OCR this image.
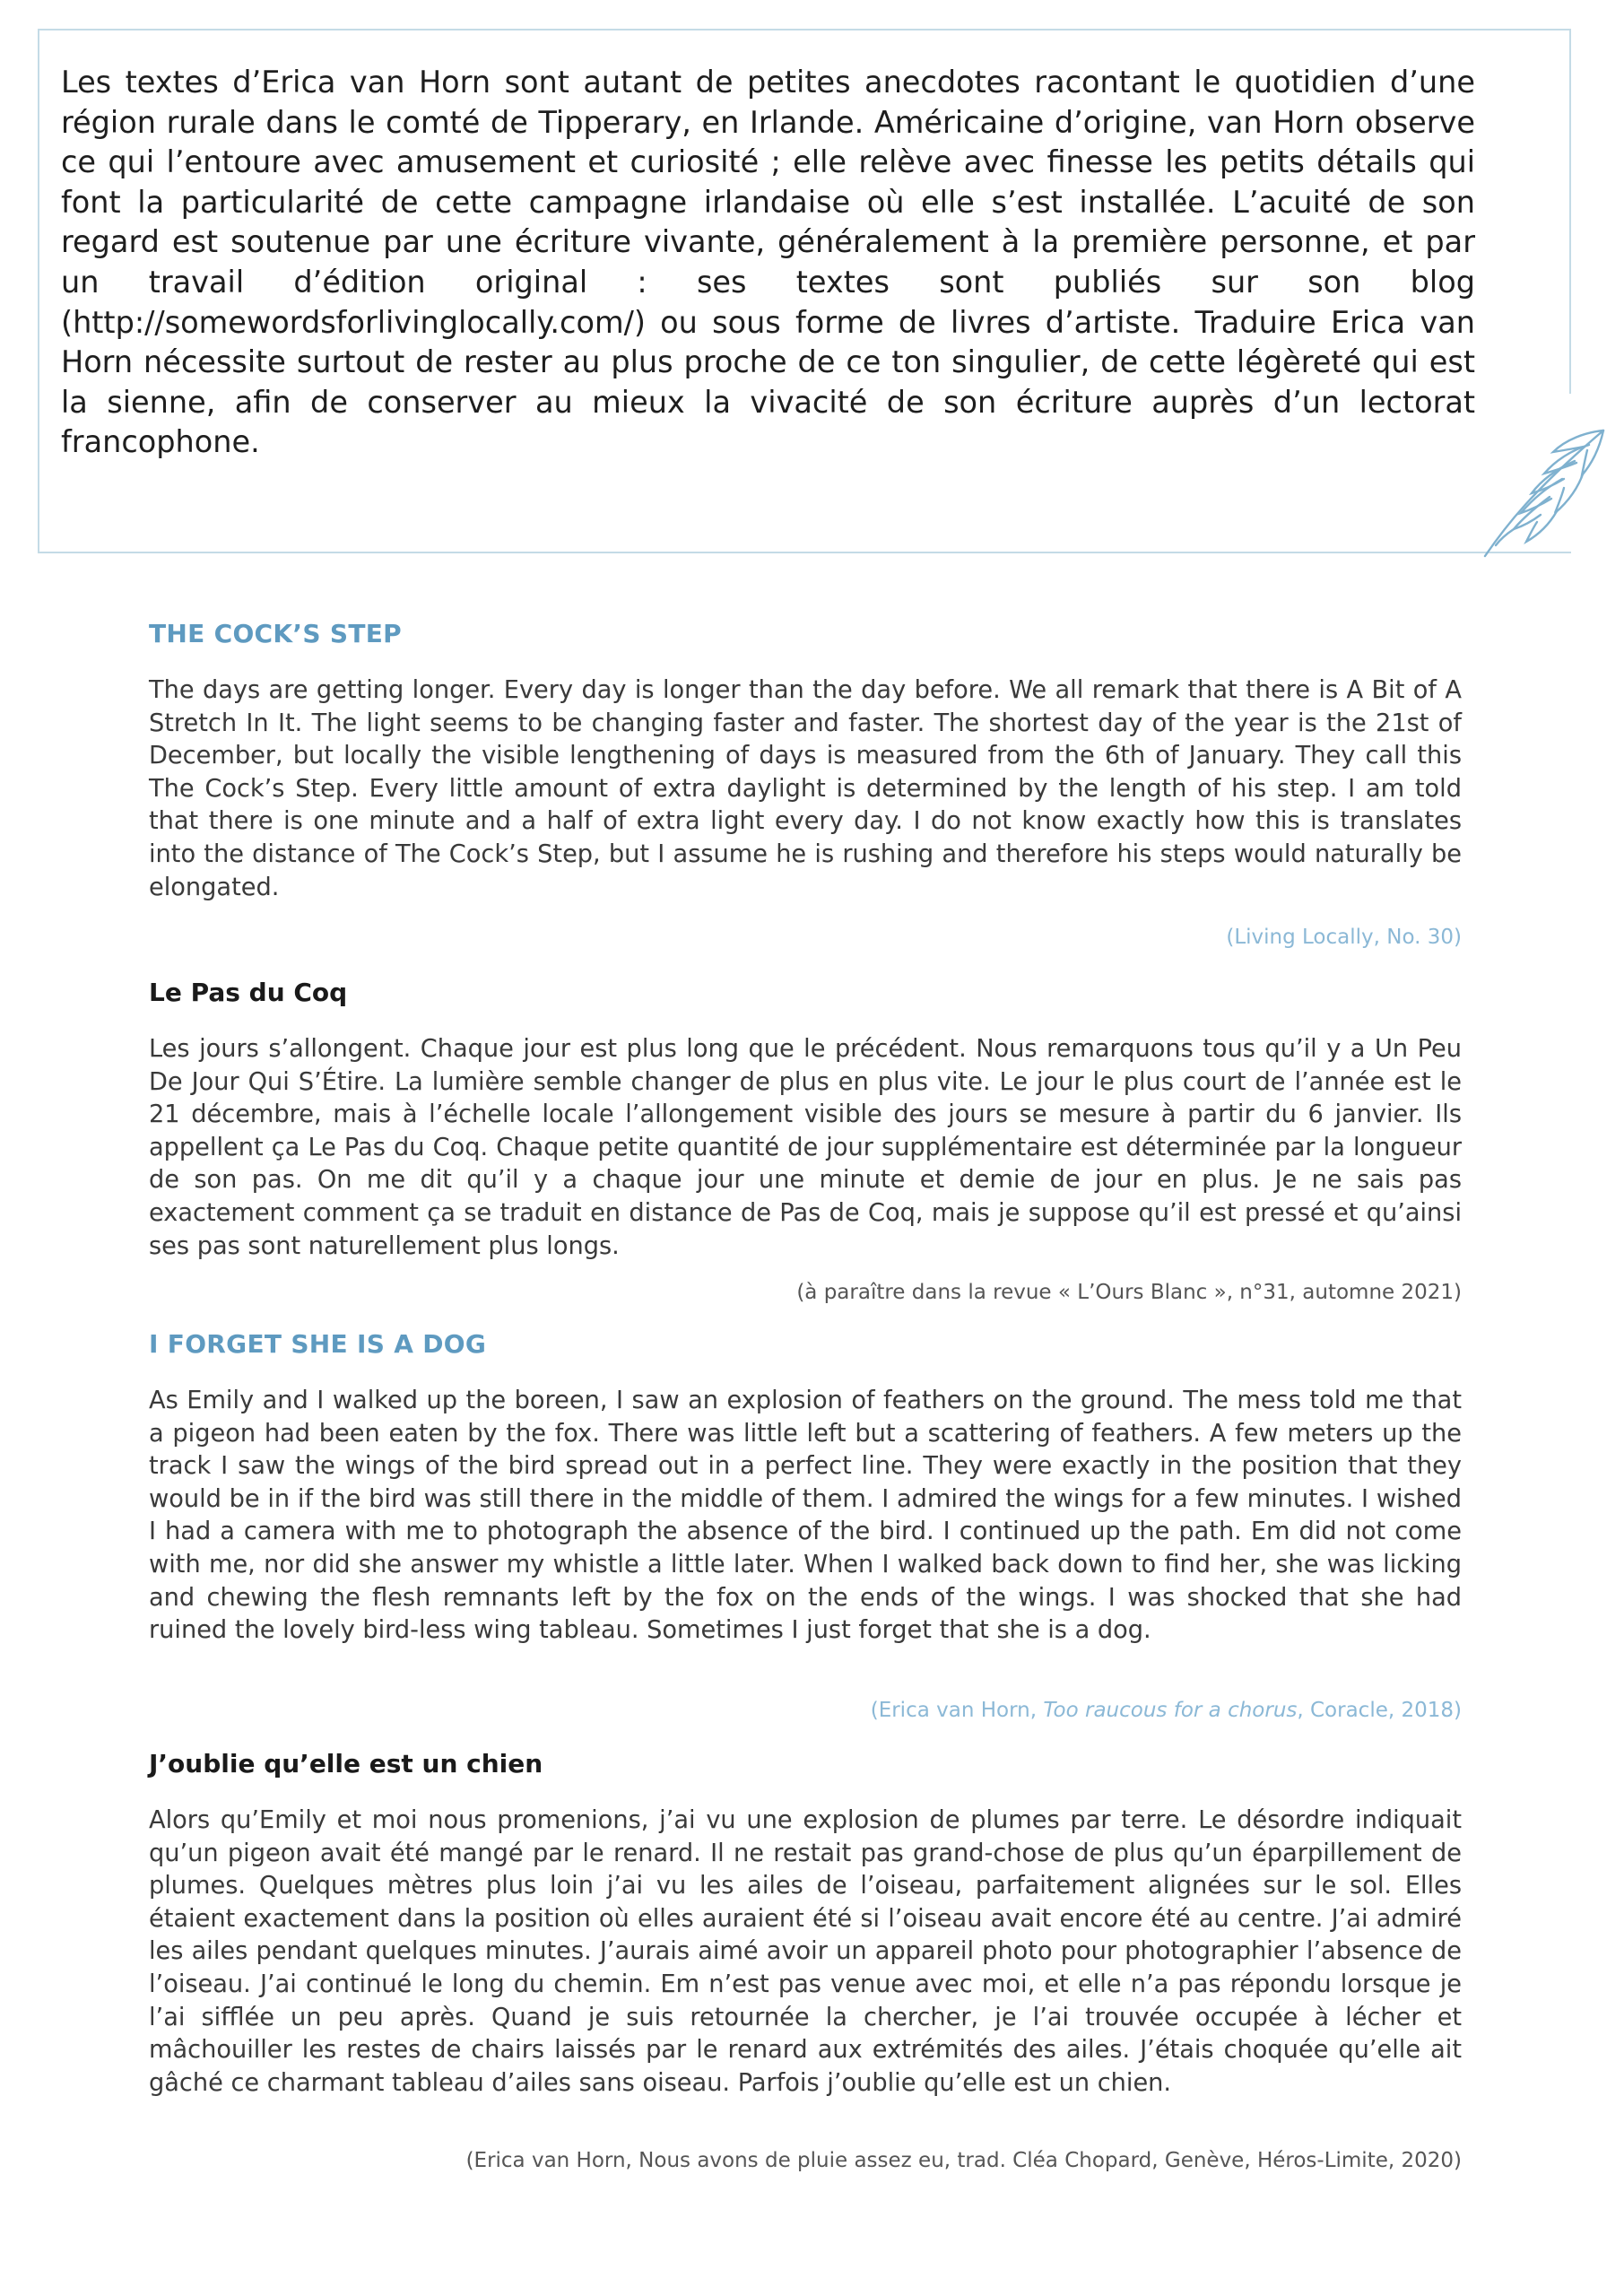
Les textes d’Erica van Horn sont autant de petites anecdotes racontant le quotidien d’une région rurale dans le comté de Tipperary, en Irlande. Américaine d’origine, van Horn observe ce qui l’entoure avec amusement et curiosité ; elle relève avec finesse les petits détails qui font la particularité de cette campagne irlandaise où elle s’est installée. L’acuité de son regard est soutenue par une écriture vivante, généralement à la première personne, et par un travail d’édition original : ses textes sont publiés sur son blog (http://somewordsforlivinglocally.com/) ou sous forme de livres d’artiste. Traduire Erica van Horn nécessite surtout de rester au plus proche de ce ton singulier, de cette légèreté qui est la sienne, afin de conserver au mieux la vivacité de son écriture auprès d’un lectorat francophone.

THE COCK’S STEP

The days are getting longer. Every day is longer than the day before. We all remark that there is A Bit of A Stretch In It. The light seems to be changing faster and faster. The shortest day of the year is the 21st of December, but locally the visible lengthening of days is measured from the 6th of January. They call this The Cock’s Step. Every little amount of extra daylight is determined by the length of his step. I am told that there is one minute and a half of extra light every day. I do not know exactly how this is translates into the distance of The Cock’s Step, but I assume he is rushing and therefore his steps would naturally be elongated.

(Living Locally, No. 30)

Le Pas du Coq

Les jours s’allongent. Chaque jour est plus long que le précédent. Nous remarquons tous qu’il y a Un Peu De Jour Qui S’Étire. La lumière semble changer de plus en plus vite. Le jour le plus court de l’année est le 21 décembre, mais à l’échelle locale l’allongement visible des jours se mesure à partir du 6 janvier. Ils appellent ça Le Pas du Coq. Chaque petite quantité de jour supplémentaire est déterminée par la longueur de son pas. On me dit qu’il y a chaque jour une minute et demie de jour en plus. Je ne sais pas exactement comment ça se traduit en distance de Pas de Coq, mais je suppose qu’il est pressé et qu’ainsi ses pas sont naturellement plus longs.

(à paraître dans la revue « L’Ours Blanc », n°31, automne 2021)

I FORGET SHE IS A DOG

As Emily and I walked up the boreen, I saw an explosion of feathers on the ground. The mess told me that a pigeon had been eaten by the fox. There was little left but a scattering of feathers. A few meters up the track I saw the wings of the bird spread out in a perfect line. They were exactly in the position that they would be in if the bird was still there in the middle of them. I admired the wings for a few minutes. I wished I had a camera with me to photograph the absence of the bird. I continued up the path. Em did not come with me, nor did she answer my whistle a little later. When I walked back down to find her, she was licking and chewing the flesh remnants left by the fox on the ends of the wings. I was shocked that she had ruined the lovely bird-less wing tableau. Sometimes I just forget that she is a dog.

(Erica van Horn, Too raucous for a chorus, Coracle, 2018)

J’oublie qu’elle est un chien

Alors qu’Emily et moi nous promenions, j’ai vu une explosion de plumes par terre. Le désordre indiquait qu’un pigeon avait été mangé par le renard. Il ne restait pas grand-chose de plus qu’un éparpillement de plumes. Quelques mètres plus loin j’ai vu les ailes de l’oiseau, parfaitement alignées sur le sol. Elles étaient exactement dans la position où elles auraient été si l’oiseau avait encore été au centre. J’ai admiré les ailes pendant quelques minutes. J’aurais aimé avoir un appareil photo pour photographier l’absence de l’oiseau. J’ai continué le long du chemin. Em n’est pas venue avec moi, et elle n’a pas répondu lorsque je l’ai sifflée un peu après. Quand je suis retournée la chercher, je l’ai trouvée occupée à lécher et mâchouiller les restes de chairs laissés par le renard aux extrémités des ailes. J’étais choquée qu’elle ait gâché ce charmant tableau d’ailes sans oiseau. Parfois j’oublie qu’elle est un chien.

(Erica van Horn, Nous avons de pluie assez eu, trad. Cléa Chopard, Genève, Héros-Limite, 2020)
